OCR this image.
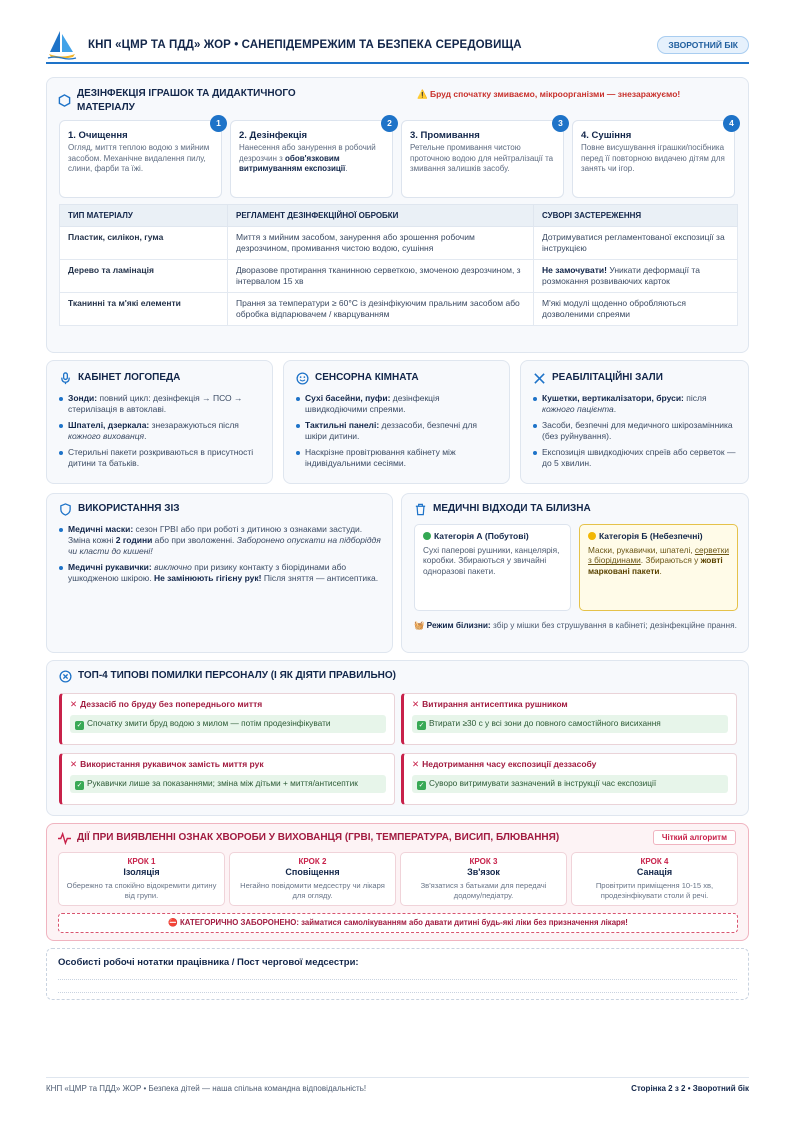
КНП «ЦМР ТА ПДД» ЖОР • САНЕПІДЕМРЕЖИМ ТА БЕЗПЕКА СЕРЕДОВИЩА	ЗВОРОТНИЙ БІК
ДЕЗІНФЕКЦІЯ ІГРАШОК ТА ДИДАКТИЧНОГО
МАТЕРІАЛУ
⚠️ Бруд спочатку змиваємо, мікроорганізми — знезаражуємо!
1
1. Очищення
Огляд, миття теплою водою з мийним засобом. Механічне видалення пилу, слини, фарби та їжі.
2
2. Дезінфекція
Нанесення або занурення в робочий дезрозчин з обов'язковим витримуванням експозиції.
3
3. Промивання
Ретельне промивання чистою проточною водою для нейтралізації та змивання залишків засобу.
4
4. Сушіння
Повне висушування іграшки/посібника перед її повторною видачею дітям для занять чи ігор.
ТИП МАТЕРІАЛУ	РЕГЛАМЕНТ ДЕЗІНФЕКЦІЙНОЇ ОБРОБКИ	СУВОРІ ЗАСТЕРЕЖЕННЯ
Пластик, силікон, гума	Миття з мийним засобом, занурення або зрошення робочим дезрозчином, промивання чистою водою, сушіння	Дотримуватися регламентованої експозиції за інструкцією
Дерево та ламінація	Дворазове протирання тканинною серветкою, змоченою дезрозчином, з інтервалом 15 хв	Не замочувати! Уникати деформації та розмокання розвиваючих карток
Тканинні та м'які елементи	Прання за температури ≥ 60°C із дезінфікуючим пральним засобом або обробка відпарювачем / кварцуванням	М'які модулі щоденно обробляються дозволеними спреями
КАБІНЕТ ЛОГОПЕДА
Зонди: повний цикл: дезінфекція → ПСО → стерилізація в автоклаві.
Шпателі, дзеркала: знезаражуються після кожного вихованця.
Стерильні пакети розкриваються в присутності дитини та батьків.
СЕНСОРНА КІМНАТА
Сухі басейни, пуфи: дезінфекція швидкодіючими спреями.
Тактильні панелі: деззасоби, безпечні для шкіри дитини.
Наскрізне провітрювання кабінету між індивідуальними сесіями.
РЕАБІЛІТАЦІЙНІ ЗАЛИ
Кушетки, вертикалізатори, бруси: після кожного пацієнта.
Засоби, безпечні для медичного шкірозамінника (без руйнування).
Експозиція швидкодіючих спреїв або серветок — до 5 хвилин.
ВИКОРИСТАННЯ ЗІЗ
Медичні маски: сезон ГРВІ або при роботі з дитиною з ознаками застуди. Зміна кожні 2 години або при зволоженні. Заборонено опускати на підборіддя чи класти до кишені!
Медичні рукавички: виключно при ризику контакту з біорідинами або ушкодженою шкірою. Не замінюють гігієну рук! Після зняття — антисептика.
МЕДИЧНІ ВІДХОДИ ТА БІЛИЗНА
Категорія А (Побутові)
Сухі паперові рушники, канцелярія, коробки. Збираються у звичайні одноразові пакети.
Категорія Б (Небезпечні)
Маски, рукавички, шпателі, серветки з біорідинами. Збираються у жовті марковані пакети.
🧺 Режим білизни: збір у мішки без струшування в кабінеті; дезінфекційне прання.
ТОП-4 ТИПОВІ ПОМИЛКИ ПЕРСОНАЛУ (І ЯК ДІЯТИ ПРАВИЛЬНО)
✕ Деззасіб по бруду без попереднього миття
✓ Спочатку змити бруд водою з милом — потім продезінфікувати
✕ Витирання антисептика рушником
✓ Втирати ≥30 с у всі зони до повного самостійного висихання
✕ Використання рукавичок замість миття рук
✓ Рукавички лише за показаннями; зміна між дітьми + миття/антисептик
✕ Недотримання часу експозиції деззасобу
✓ Суворо витримувати зазначений в інструкції час експозиції
ДІЇ ПРИ ВИЯВЛЕННІ ОЗНАК ХВОРОБИ У ВИХОВАНЦЯ (ГРВІ, ТЕМПЕРАТУРА, ВИСИП, БЛЮВАННЯ)	Чіткий алгоритм
КРОК 1
Ізоляція
Обережно та спокійно відокремити дитину від групи.
КРОК 2
Сповіщення
Негайно повідомити медсестру чи лікаря для огляду.
КРОК 3
Зв'язок
Зв'язатися з батьками для передачі додому/педіатру.
КРОК 4
Санація
Провітрити приміщення 10-15 хв, продезінфікувати столи й речі.
⛔ КАТЕГОРИЧНО ЗАБОРОНЕНО: займатися самолікуванням або давати дитині будь-які ліки без призначення лікаря!
Особисті робочі нотатки працівника / Пост чергової медсестри:
КНП «ЦМР та ПДД» ЖОР • Безпека дітей — наша спільна командна відповідальність!	Сторінка 2 з 2 • Зворотний бік
